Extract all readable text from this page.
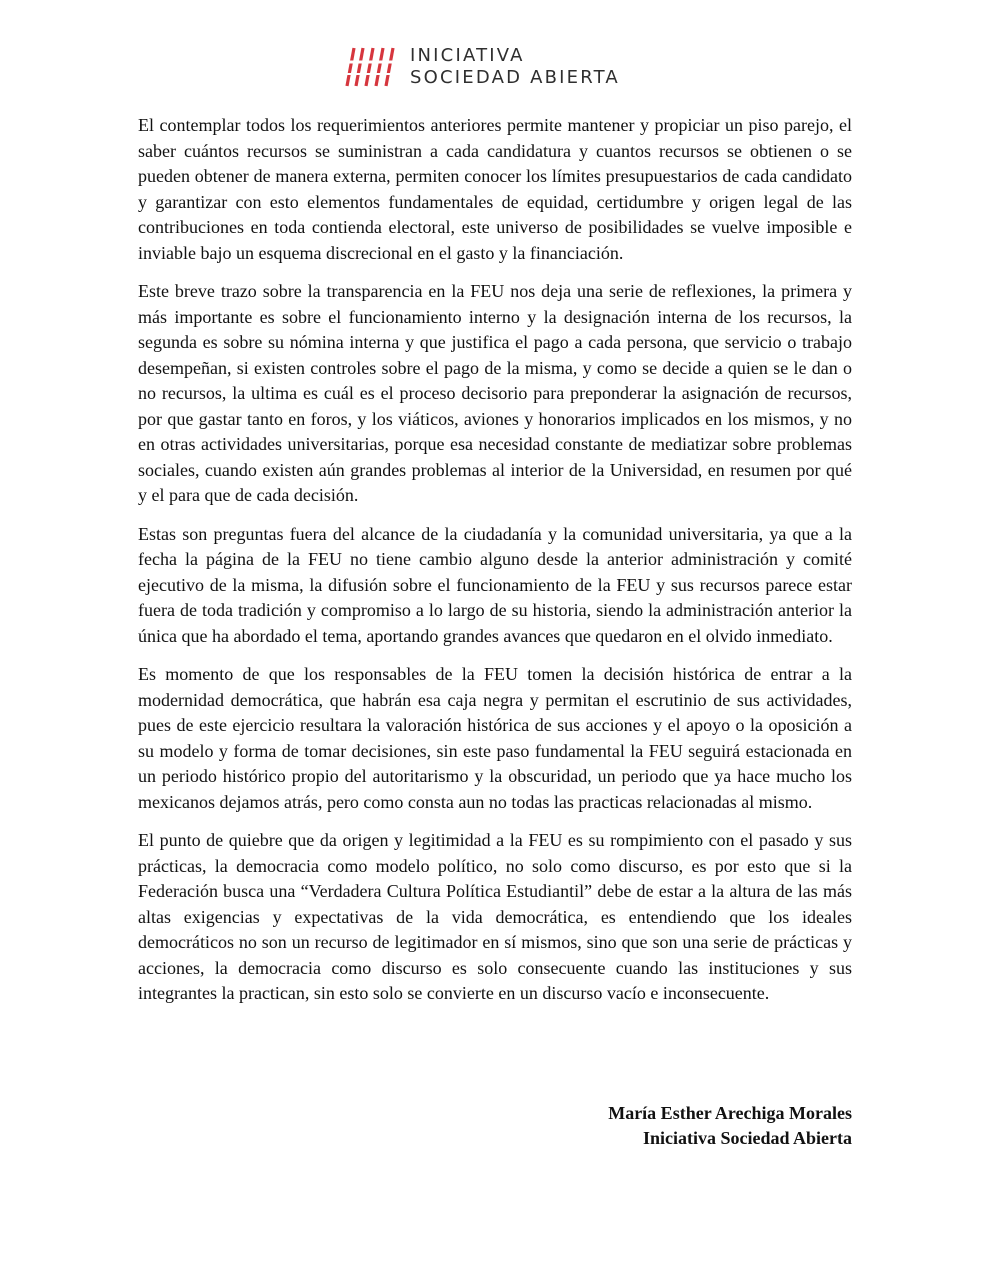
INICIATIVA
SOCIEDAD ABIERTA

El contemplar todos los requerimientos anteriores permite mantener y propiciar un piso parejo, el saber cuántos recursos se suministran a cada candidatura y cuantos recursos se obtienen o se pueden obtener de manera externa, permiten conocer los límites presupuestarios de cada candidato y garantizar con esto elementos fundamentales de equidad, certidumbre y origen legal de las contribuciones en toda contienda electoral, este universo de posibilidades se vuelve imposible e inviable bajo un esquema discrecional en el gasto y la financiación.

Este breve trazo sobre la transparencia en la FEU nos deja una serie de reflexiones, la primera y más importante es sobre el funcionamiento interno y la designación interna de los recursos, la segunda es sobre su nómina interna y que justifica el pago a cada persona, que servicio o trabajo desempeñan, si existen controles sobre el pago de la misma, y como se decide a quien se le dan o no recursos, la ultima es cuál es el proceso decisorio para preponderar la asignación de recursos, por que gastar tanto en foros, y los viáticos, aviones y honorarios implicados en los mismos, y no en otras actividades universitarias, porque esa necesidad constante de mediatizar sobre problemas sociales, cuando existen aún grandes problemas al interior de la Universidad, en resumen por qué y el para que de cada decisión.

Estas son preguntas fuera del alcance de la ciudadanía y la comunidad universitaria, ya que a la fecha la página de la FEU no tiene cambio alguno desde la anterior administración y comité ejecutivo de la misma, la difusión sobre el funcionamiento de la FEU y sus recursos parece estar fuera de toda tradición y compromiso a lo largo de su historia, siendo la administración anterior la única que ha abordado el tema, aportando grandes avances que quedaron en el olvido inmediato.

Es momento de que los responsables de la FEU tomen la decisión histórica de entrar a la modernidad democrática, que habrán esa caja negra y permitan el escrutinio de sus actividades, pues de este ejercicio resultara la valoración histórica de sus acciones y el apoyo o la oposición a su modelo y forma de tomar decisiones, sin este paso fundamental la FEU seguirá estacionada en un periodo histórico propio del autoritarismo y la obscuridad, un periodo que ya hace mucho los mexicanos dejamos atrás, pero como consta aun no todas las practicas relacionadas al mismo.

El punto de quiebre que da origen y legitimidad a la FEU es su rompimiento con el pasado y sus prácticas, la democracia como modelo político, no solo como discurso, es por esto que si la Federación busca una “Verdadera Cultura Política Estudiantil” debe de estar a la altura de las más altas exigencias y expectativas de la vida democrática, es entendiendo que los ideales democráticos no son un recurso de legitimador en sí mismos, sino que son una serie de prácticas y acciones, la democracia como discurso es solo consecuente cuando las instituciones y sus integrantes la practican, sin esto solo se convierte en un discurso vacío e inconsecuente.

María Esther Arechiga Morales
Iniciativa Sociedad Abierta
